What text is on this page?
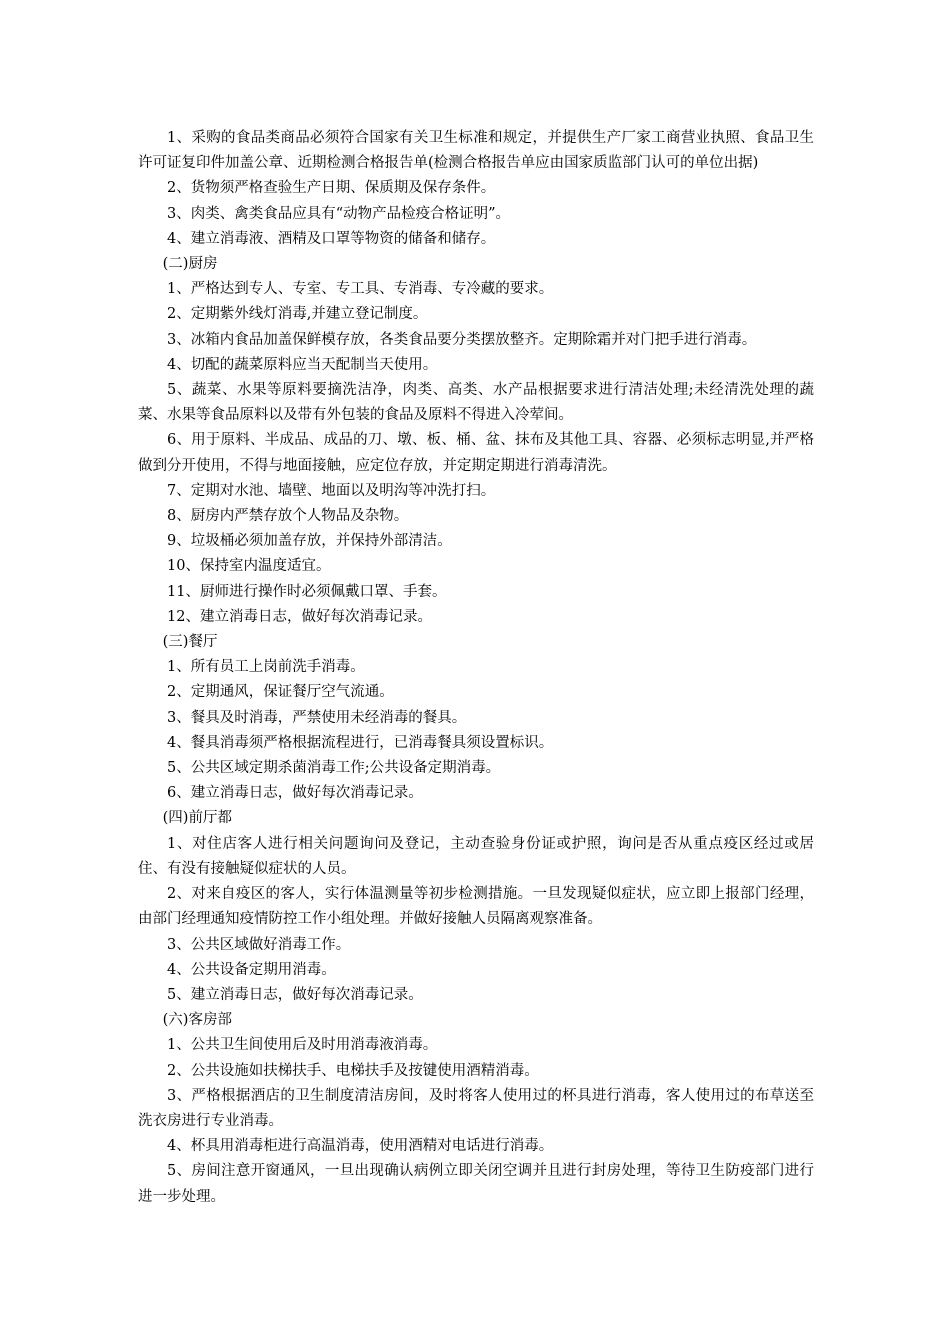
1、采购的食品类商品必须符合国家有关卫生标准和规定，并提供生产厂家工商营业执照、食品卫生许可证复印件加盖公章、近期检测合格报告单(检测合格报告单应由国家质监部门认可的单位出据)

2、货物须严格查验生产日期、保质期及保存条件。

3、肉类、禽类食品应具有“动物产品检疫合格证明”。

4、建立消毒液、酒精及口罩等物资的储备和储存。

(二)厨房

1、严格达到专人、专室、专工具、专消毒、专冷藏的要求。

2、定期紫外线灯消毒,并建立登记制度。

3、冰箱内食品加盖保鲜模存放，各类食品要分类摆放整齐。定期除霜并对门把手进行消毒。

4、切配的蔬菜原料应当天配制当天使用。

5、蔬菜、水果等原料要摘洗洁净，肉类、高类、水产品根据要求进行清洁处理;未经清洗处理的蔬菜、水果等食品原料以及带有外包装的食品及原料不得进入冷荤间。

6、用于原料、半成品、成品的刀、墩、板、桶、盆、抹布及其他工具、容器、必须标志明显,并严格做到分开使用，不得与地面接触，应定位存放，并定期定期进行消毒清洗。

7、定期对水池、墙壁、地面以及明沟等冲洗打扫。

8、厨房内严禁存放个人物品及杂物。

9、垃圾桶必须加盖存放，并保持外部清洁。

10、保持室内温度适宜。

11、厨师进行操作时必须佩戴口罩、手套。

12、建立消毒日志，做好每次消毒记录。

(三)餐厅

1、所有员工上岗前洗手消毒。

2、定期通风，保证餐厅空气流通。

3、餐具及时消毒，严禁使用未经消毒的餐具。

4、餐具消毒须严格根据流程进行，已消毒餐具须设置标识。

5、公共区域定期杀菌消毒工作;公共设备定期消毒。

6、建立消毒日志，做好每次消毒记录。

(四)前厅都

1、对住店客人进行相关问题询问及登记，主动查验身份证或护照，询问是否从重点疫区经过或居住、有没有接触疑似症状的人员。

2、对来自疫区的客人，实行体温测量等初步检测措施。一旦发现疑似症状，应立即上报部门经理，由部门经理通知疫情防控工作小组处理。并做好接触人员隔离观察准备。

3、公共区域做好消毒工作。

4、公共设备定期用消毒。

5、建立消毒日志，做好每次消毒记录。

(六)客房部

1、公共卫生间使用后及时用消毒液消毒。

2、公共设施如扶梯扶手、电梯扶手及按键使用酒精消毒。

3、严格根据酒店的卫生制度清洁房间，及时将客人使用过的杯具进行消毒，客人使用过的布草送至洗衣房进行专业消毒。

4、杯具用消毒柜进行高温消毒，使用酒精对电话进行消毒。

5、房间注意开窗通风，一旦出现确认病例立即关闭空调并且进行封房处理，等待卫生防疫部门进行进一步处理。
